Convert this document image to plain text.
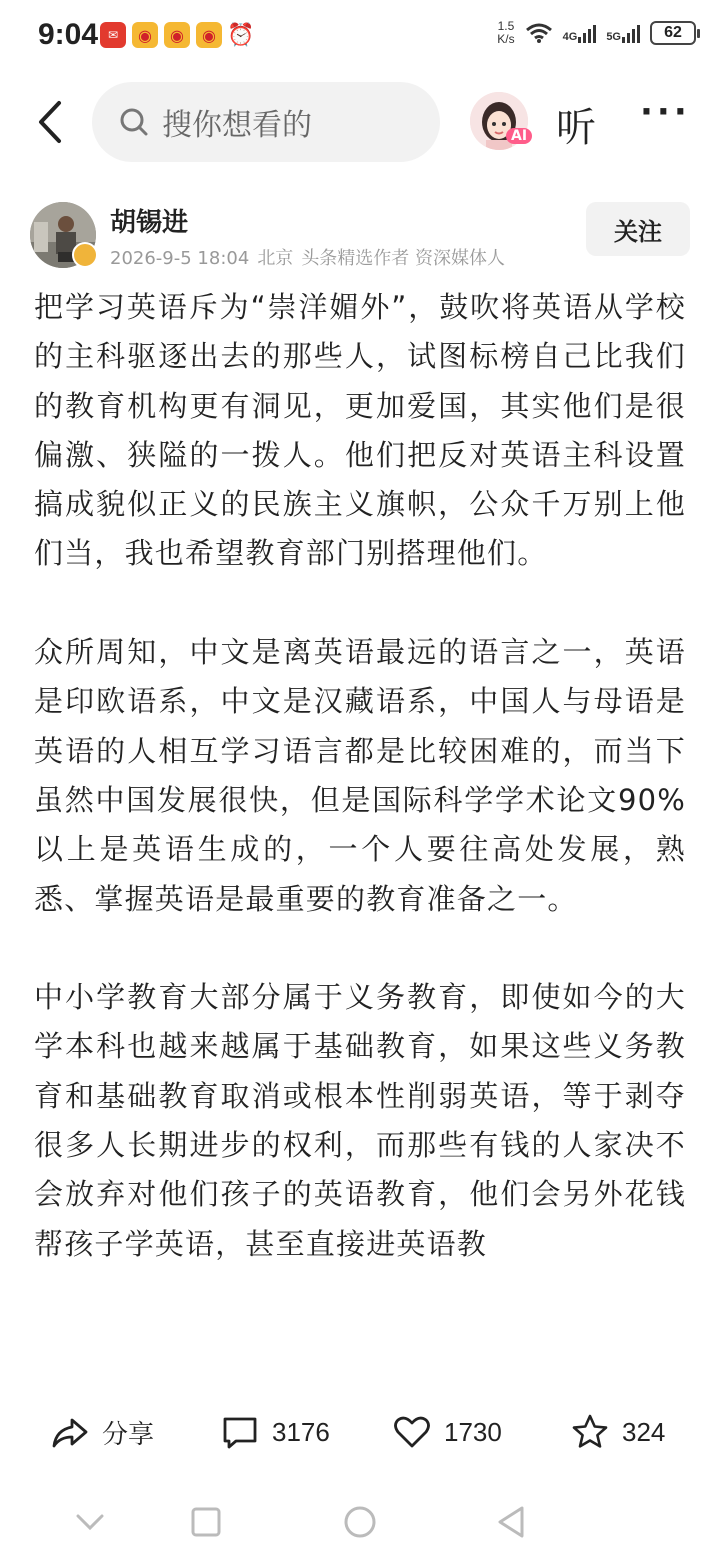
9:04 ✉	◉	◉	◉ ⏰	1.5
K/s	4G	5G	62
搜你想看的	AI 听 ···
胡锡进
2026-9-5 18:04 北京 头条精选作者 资深媒体人
关注

把学习英语斥为“崇洋媚外”，鼓吹将英语从学校的主科驱逐出去的那些人，试图标榜自己比我们的教育机构更有洞见，更加爱国，其实他们是很偏激、狭隘的一拨人。他们把反对英语主科设置搞成貌似正义的民族主义旗帜，公众千万别上他们当，我也希望教育部门别搭理他们。

众所周知，中文是离英语最远的语言之一，英语是印欧语系，中文是汉藏语系，中国人与母语是英语的人相互学习语言都是比较困难的，而当下虽然中国发展很快，但是国际科学学术论文90%以上是英语生成的，一个人要往高处发展，熟悉、掌握英语是最重要的教育准备之一。

中小学教育大部分属于义务教育，即使如今的大学本科也越来越属于基础教育，如果这些义务教育和基础教育取消或根本性削弱英语，等于剥夺很多人长期进步的权利，而那些有钱的人家决不会放弃对他们孩子的英语教育，他们会另外花钱帮孩子学英语，甚至直接进英语教

分享	3176	1730	324
